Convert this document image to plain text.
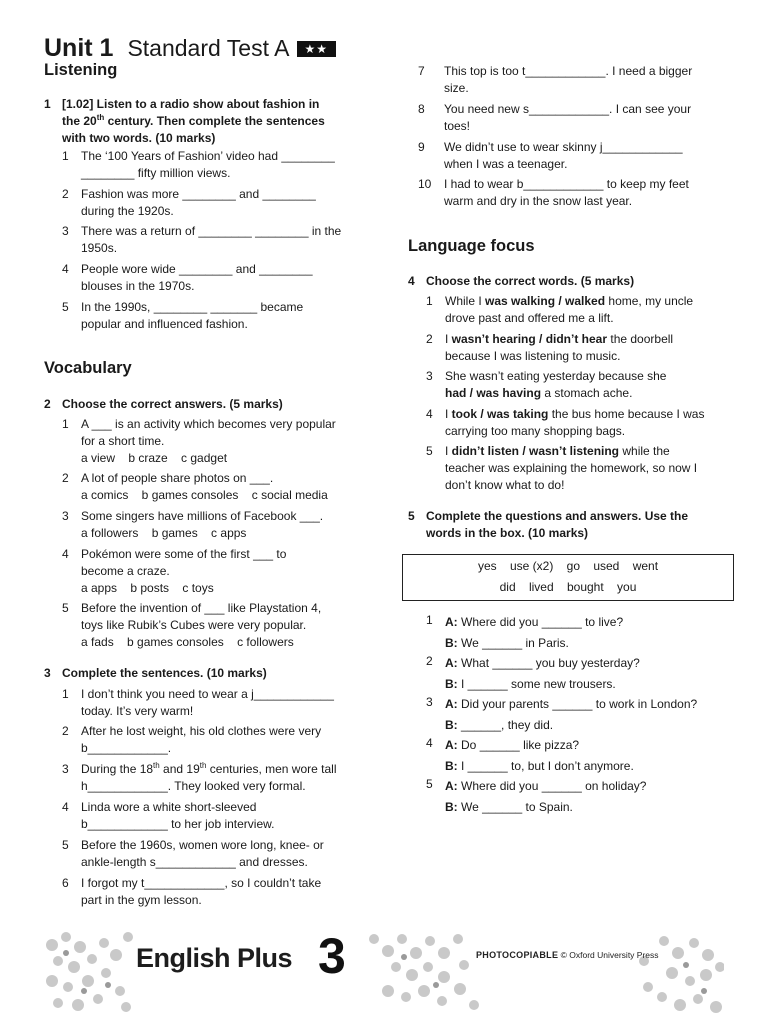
Unit 1 Standard Test A ★★
Listening
1 [1.02] Listen to a radio show about fashion in
the 20th century. Then complete the sentences
with two words. (10 marks)
1	The ‘100 Years of Fashion’ video had ________
________ fifty million views.
2	Fashion was more ________ and ________
during the 1920s.
3	There was a return of ________ ________ in the
1950s.
4	People wore wide ________ and ________
blouses in the 1970s.
5	In the 1990s, ________ _______ became
popular and influenced fashion.
Vocabulary
2 Choose the correct answers. (5 marks)
1	A ___ is an activity which becomes very popular
for a short time.
a view    b craze    c gadget
2	A lot of people share photos on ___.
a comics    b games consoles    c social media
3	Some singers have millions of Facebook ___.
a followers    b games    c apps
4	Pokémon were some of the first ___ to
become a craze.
a apps    b posts    c toys
5	Before the invention of ___ like Playstation 4,
toys like Rubik’s Cubes were very popular.
a fads    b games consoles    c followers
3 Complete the sentences. (10 marks)
1	I don’t think you need to wear a j____________
today. It’s very warm!
2	After he lost weight, his old clothes were very
b____________.
3	During the 18th and 19th centuries, men wore tall
h____________. They looked very formal.
4	Linda wore a white short-sleeved
b____________ to her job interview.
5	Before the 1960s, women wore long, knee- or
ankle-length s____________ and dresses.
6	I forgot my t____________, so I couldn’t take
part in the gym lesson.
7	This top is too t____________. I need a bigger
size.
8	You need new s____________. I can see your
toes!
9	We didn’t use to wear skinny j____________
when I was a teenager.
10	I had to wear b____________ to keep my feet
warm and dry in the snow last year.
Language focus
4 Choose the correct words. (5 marks)
1	While I was walking / walked home, my uncle
drove past and offered me a lift.
2	I wasn’t hearing / didn’t hear the doorbell
because I was listening to music.
3	She wasn’t eating yesterday because she
had / was having a stomach ache.
4	I took / was taking the bus home because I was
carrying too many shopping bags.
5	I didn’t listen / wasn’t listening while the
teacher was explaining the homework, so now I
don’t know what to do!
5 Complete the questions and answers. Use the
words in the box. (10 marks)
yes    use (x2)    go    used    went
did    lived    bought    you
1	A: Where did you ______ to live?
B: We ______ in Paris.
2	A: What ______ you buy yesterday?
B: I ______ some new trousers.
3	A: Did your parents ______ to work in London?
B: ______, they did.
4	A: Do ______ like pizza?
B: I ______ to, but I don’t anymore.
5	A: Where did you ______ on holiday?
B: We ______ to Spain.
English Plus 3	PHOTOCOPIABLE © Oxford University Press
